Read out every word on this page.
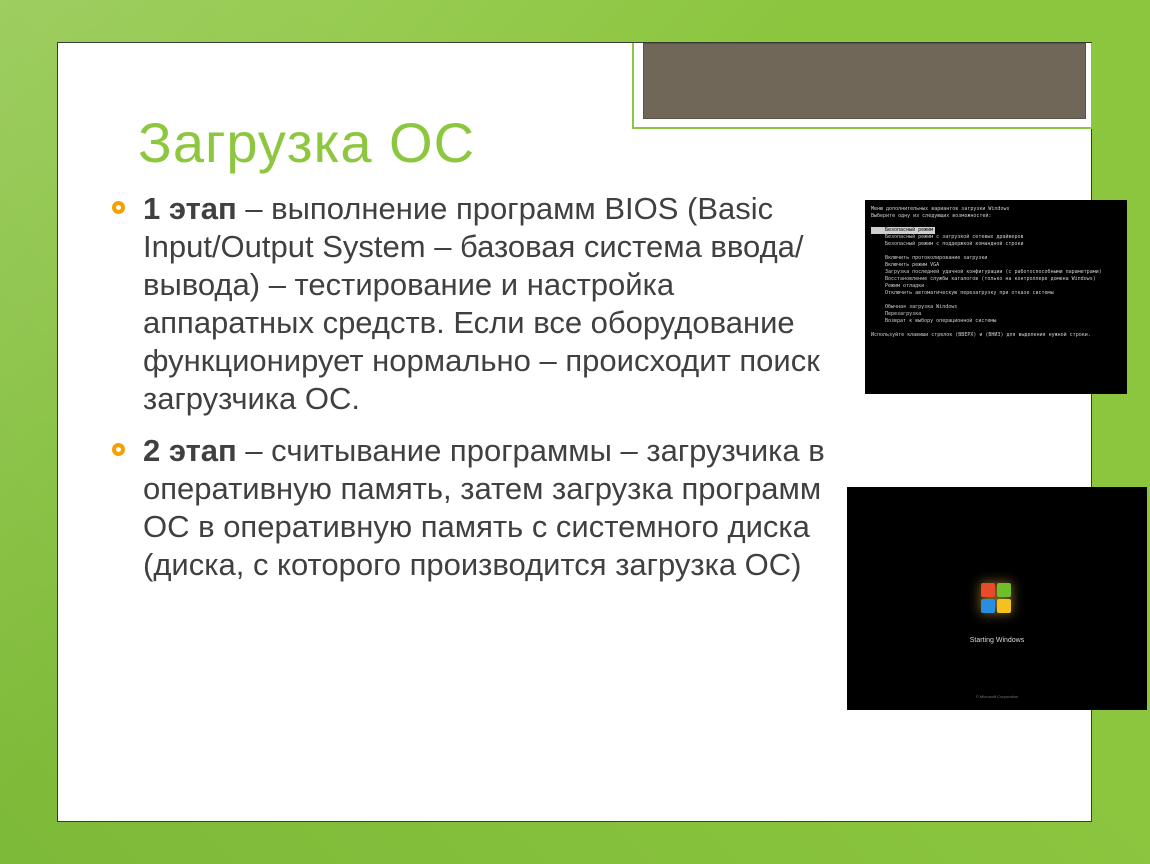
Загрузка ОС
1 этап – выполнение программ BIOS (Basic Input/Output System – базовая система ввода/вывода) – тестирование и настройка аппаратных средств. Если все оборудование функционирует нормально – происходит поиск загрузчика ОС.
2 этап – считывание программы – загрузчика в оперативную память, затем загрузка программ ОС в оперативную память с системного диска (диска, с которого производится загрузка ОС)
Меню дополнительных вариантов загрузки Windows
Выберите одну из следующих возможностей:
Безопасный режим
Безопасный режим с загрузкой сетевых драйверов
Безопасный режим с поддержкой командной строки
Включить протоколирование загрузки
Включить режим VGA
Загрузка последней удачной конфигурации (с работоспособными параметрами)
Восстановление службы каталогов (только на контроллере домена Windows)
Режим отладки
Отключить автоматическую перезагрузку при отказе системы
Обычная загрузка Windows
Перезагрузка
Возврат к выбору операционной системы
Используйте клавиши стрелок (ВВЕРХ) и (ВНИЗ) для выделения нужной строки.
Starting Windows
© Microsoft Corporation
